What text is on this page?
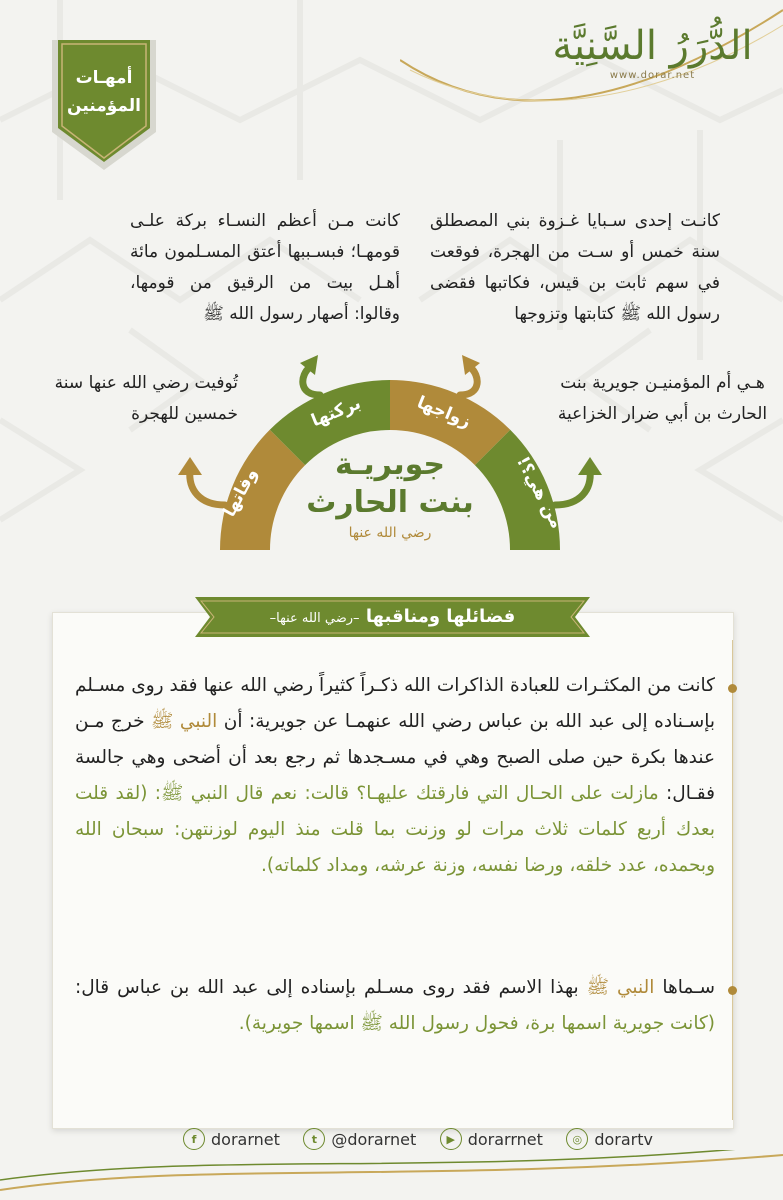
الدُّرَرُ السَّنِيَّة
www.dorar.net
أمهـات
المؤمنين
كانـت إحدى سـبايا غـزوة بني المصطلق سنة خمس أو سـت من الهجرة، فوقعت في سهم ثابت بن قيس، فكاتبها فقضى رسول الله ﷺ كتابتها وتزوجها
كانت مـن أعظم النسـاء بركة علـى قومهـا؛ فبسـببها أعتق المسـلمون مائة أهـل بيت من الرقيق من قومها، وقالوا: أصهار رسول الله ﷺ
تُوفيت رضي الله عنها سنة خمسين للهجرة
هـي أم المؤمنيـن جويرية بنت الحارث بن أبي ضرار الخزاعية
وفاتها
بركتها	زواجها
من هي؟!
جويريـة
بنت الحارث
رضي الله عنها
فضائلها ومناقبها –رضي الله عنها–
كانت من المكثـرات للعبادة الذاكرات الله ذكـراً كثيراً رضي الله عنها فقد روى مسـلم بإسـناده إلى عبد الله بن عباس رضي الله عنهمـا عن جويرية: أن النبي ﷺ خرج مـن عندها بكرة حين صلى الصبح وهي في مسـجدها ثم رجع بعد أن أضحى وهي جالسة فقـال: مازلت على الحـال التي فارقتك عليهـا؟ قالت: نعم قال النبي ﷺ: (لقد قلت بعدك أربع كلمات ثلاث مرات لو وزنت بما قلت منذ اليوم لوزنتهن: سبحان الله وبحمده، عدد خلقه، ورضا نفسه، وزنة عرشه، ومداد كلماته).
سـماها النبي ﷺ بهذا الاسم فقد روى مسـلم بإسناده إلى عبد الله بن عباس قال: (كانت جويرية اسمها برة، فحول رسول الله ﷺ اسمها جويرية).
f dorarnet	t @dorarnet	▶ dorarrnet	◎ dorartv
